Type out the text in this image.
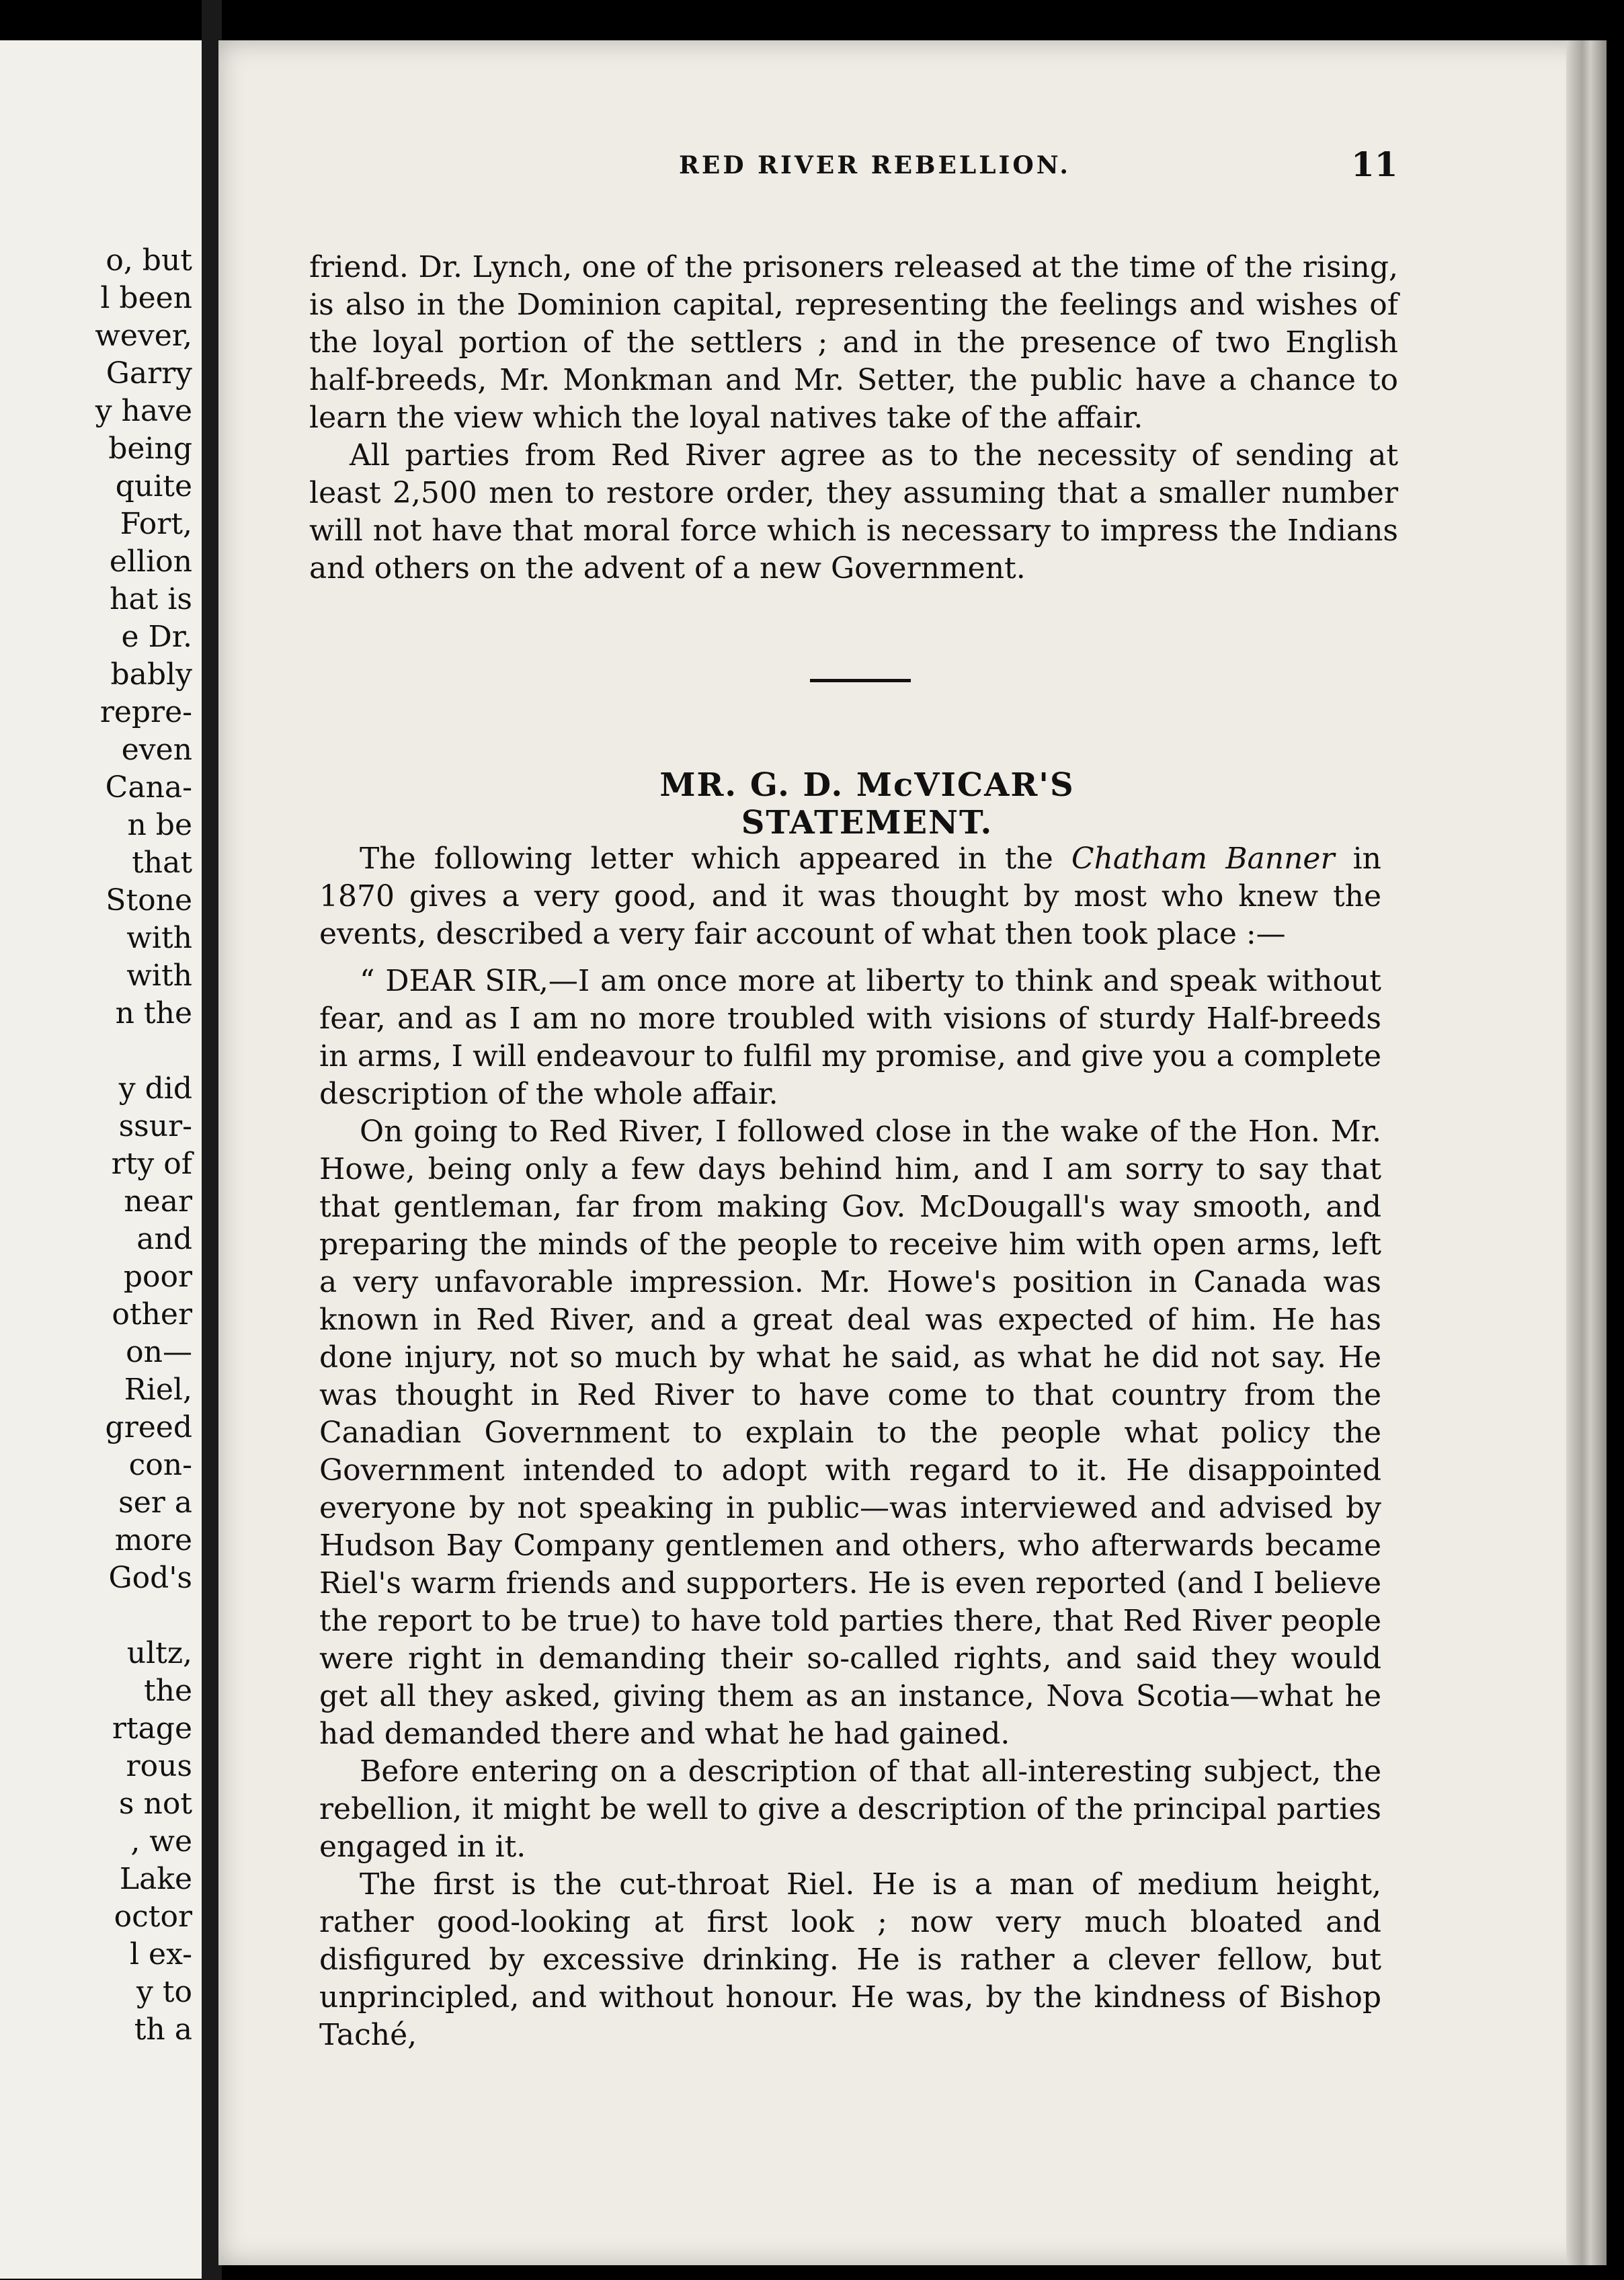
o, but
l been
wever,
Garry
y have
being
quite
Fort,
ellion
hat is
e Dr.
bably
repre-
even
Cana-
n be
that
Stone
with
with
n the
y did
ssur-
rty of
near
and
poor
other
on—
Riel,
greed
con-
ser a
more
God's
ultz,
the
rtage
rous
s not
, we
Lake
octor
l ex-
y to
th a
RED RIVER REBELLION.	11

friend. Dr. Lynch, one of the prisoners released at the time of the rising, is also in the Dominion capital, representing the feelings and wishes of the loyal portion of the settlers ; and in the presence of two English half-breeds, Mr. Monkman and Mr. Setter, the public have a chance to learn the view which the loyal natives take of the affair.

All parties from Red River agree as to the necessity of sending at least 2,500 men to restore order, they assuming that a smaller number will not have that moral force which is necessary to impress the Indians and others on the advent of a new Government.

MR. G. D. McVICAR'S STATEMENT.

The following letter which appeared in the Chatham Banner in 1870 gives a very good, and it was thought by most who knew the events, described a very fair account of what then took place :—

“ DEAR SIR,—I am once more at liberty to think and speak without fear, and as I am no more troubled with visions of sturdy Half-breeds in arms, I will endeavour to fulfil my promise, and give you a complete description of the whole affair.

On going to Red River, I followed close in the wake of the Hon. Mr. Howe, being only a few days behind him, and I am sorry to say that that gentleman, far from making Gov. McDougall's way smooth, and preparing the minds of the people to receive him with open arms, left a very unfavorable impression. Mr. Howe's position in Canada was known in Red River, and a great deal was expected of him. He has done injury, not so much by what he said, as what he did not say. He was thought in Red River to have come to that country from the Canadian Government to explain to the people what policy the Government intended to adopt with regard to it. He disappointed everyone by not speaking in public—was interviewed and advised by Hudson Bay Company gentlemen and others, who afterwards became Riel's warm friends and supporters. He is even reported (and I believe the report to be true) to have told parties there, that Red River people were right in demanding their so-called rights, and said they would get all they asked, giving them as an instance, Nova Scotia—what he had demanded there and what he had gained.

Before entering on a description of that all-interesting subject, the rebellion, it might be well to give a description of the principal parties engaged in it.

The first is the cut-throat Riel. He is a man of medium height, rather good-looking at first look ; now very much bloated and disfigured by excessive drinking. He is rather a clever fellow, but unprincipled, and without honour. He was, by the kindness of Bishop Taché,
